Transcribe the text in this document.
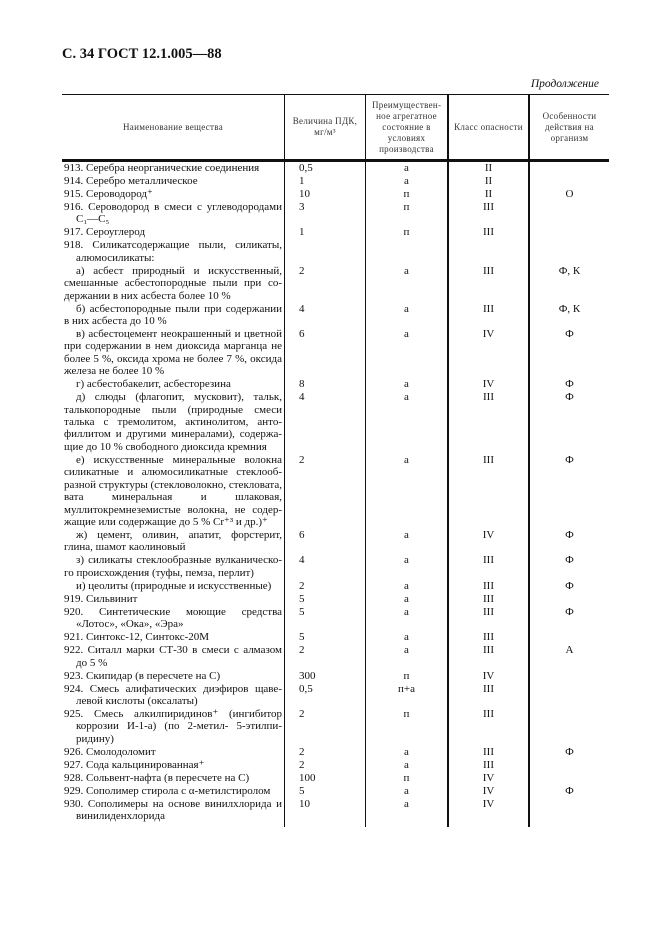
С. 34 ГОСТ 12.1.005—88
Продолжение
Наименование вещества	Величина ПДК, мг/м³	Преимущественное агрегатное состояние в условиях производства	Класс опасности	Особенности действия на организм
913. Серебра неорганические соединения	0,5	а	II	
914. Серебро металлическое	1	а	II	
915. Сероводород⁺	10	п	II	О
916. Сероводород в смеси с углеводородами C₁—C₅	3	п	III	
917. Сероуглерод	1	п	III	
918. Силикатсодержащие пыли, силикаты, алюмосиликаты:				
а) асбест природный и искусственный, смешанные асбестопородные пыли при содержании в них асбеста более 10 %	2	а	III	Ф, К
б) асбестопородные пыли при содержании в них асбеста до 10 %	4	а	III	Ф, К
в) асбестоцемент неокрашенный и цветной при содержании в нем диоксида марганца не более 5 %, оксида хрома не более 7 %, оксида железа не более 10 %	6	а	IV	Ф
г) асбестобакелит, асбесторезина	8	а	IV	Ф
д) слюды (флагопит, мусковит), тальк, талькопородные пыли (природные смеси талька с тремолитом, актинолитом, антофиллитом и другими минералами), содержащие до 10 % свободного диоксида кремния	4	а	III	Ф
е) искусственные минеральные волокна силикатные и алюмосиликатные стеклообразной структуры (стекловолокно, стекловата, вата минеральная и шлаковая, муллитокремнеземистые волокна, не содержащие или содержащие до 5 % Cr⁺³ и др.)⁺	2	а	III	Ф
ж) цемент, оливин, апатит, форстерит, глина, шамот каолиновый	6	а	IV	Ф
з) силикаты стеклообразные вулканического происхождения (туфы, пемза, перлит)	4	а	III	Ф
и) цеолиты (природные и искусственные)	2	а	III	Ф
919. Сильвинит	5	а	III	
920. Синтетические моющие средства «Лотос», «Ока», «Эра»	5	а	III	Ф
921. Синтокс-12, Синтокс-20М	5	а	III	
922. Ситалл марки СТ-30 в смеси с алмазом до 5 %	2	а	III	А
923. Скипидар (в пересчете на С)	300	п	IV	
924. Смесь алифатических диэфиров щавелевой кислоты (оксалаты)	0,5	п+а	III	
925. Смесь алкилпиридинов⁺ (ингибитор коррозии И-1-а) (по 2-метил- 5-этилпиридину)	2	п	III	
926. Смолодоломит	2	а	III	Ф
927. Сода кальцинированная⁺	2	а	III	
928. Сольвент-нафта (в пересчете на С)	100	п	IV	
929. Сополимер стирола с α-метилстиролом	5	а	IV	Ф
930. Сополимеры на основе винилхлорида и винилиденхлорида	10	а	IV	
